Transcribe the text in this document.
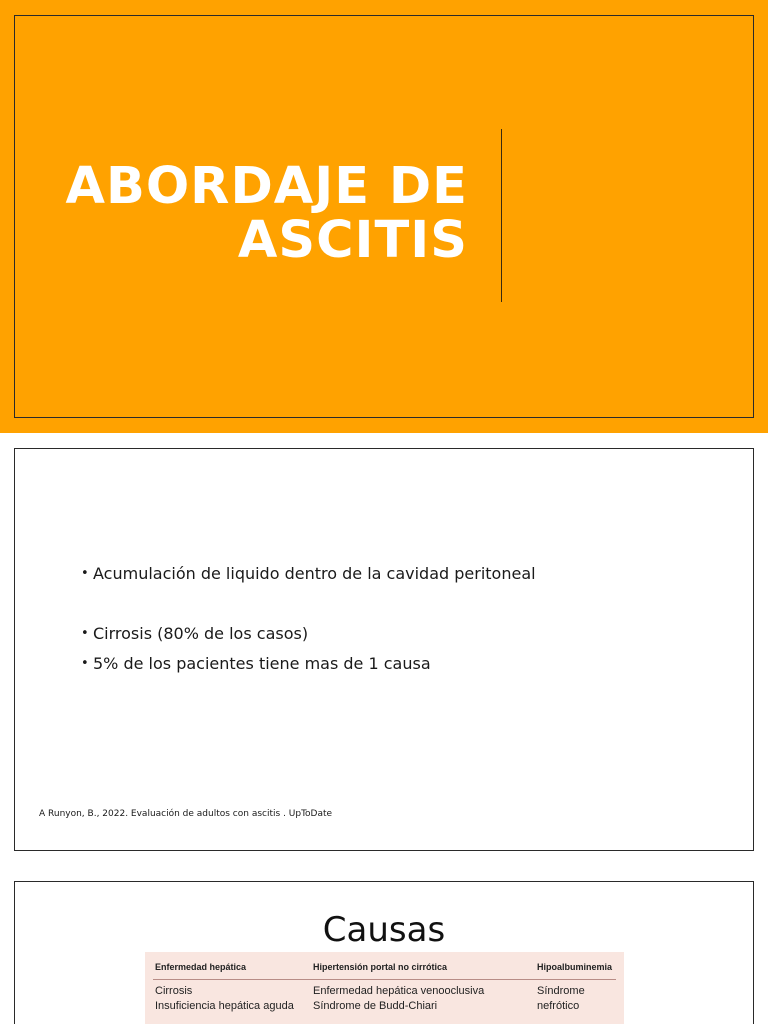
ABORDAJE DE
ASCITIS
• Acumulación de liquido dentro de la cavidad peritoneal
• Cirrosis (80% de los casos)
• 5% de los pacientes tiene mas de 1 causa
A Runyon, B., 2022. Evaluación de adultos con ascitis . UpToDate
Causas
Enfermedad hepática
Cirrosis
Insuficiencia hepática aguda
Hipertensión portal no cirrótica
Enfermedad hepática venooclusiva
Síndrome de Budd-Chiari
Hipoalbuminemia
Síndrome
nefrótico
